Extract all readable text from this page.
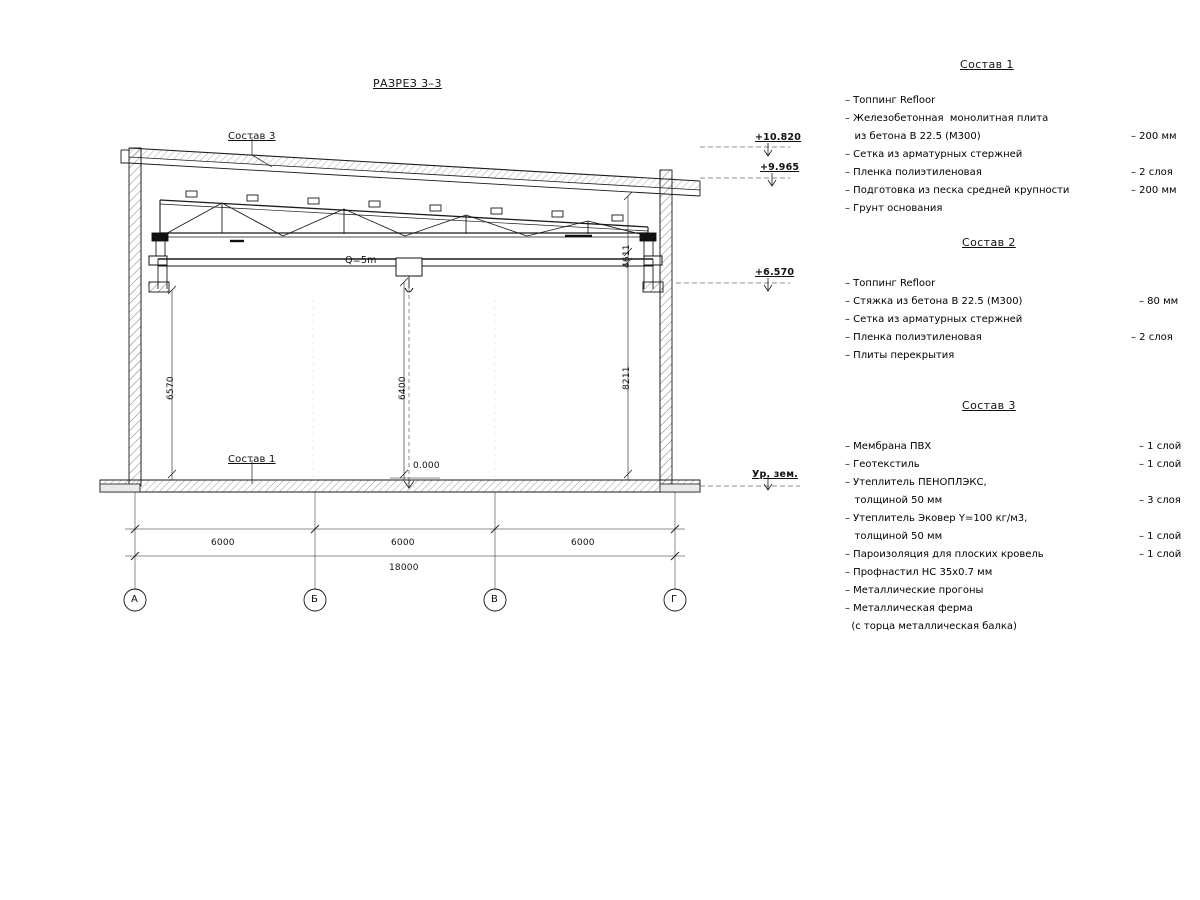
РАЗРЕЗ 3–3
Состав 3
Состав 1
Q=5m
+10.820
+9.965
+6.570
Ур. зем.
0.000
6570	6400	8211
4611
6000	6000	6000
18000
А	Б	В	Г
Состав 1
– Топпинг Refloor
– Железобетонная  монолитная плита
из бетона В 22.5 (М300)	– 200 мм
– Сетка из арматурных стержней
– Пленка полиэтиленовая	– 2 слоя
– Подготовка из песка средней крупности	– 200 мм
– Грунт основания
Состав 2
– Топпинг Refloor
– Стяжка из бетона В 22.5 (М300)	– 80 мм
– Сетка из арматурных стержней
– Пленка полиэтиленовая	– 2 слоя
– Плиты перекрытия
Состав 3
– Мембрана ПВХ	– 1 слой
– Геотекстиль	– 1 слой
– Утеплитель ПЕНОПЛЭКС,
толщиной 50 мм	– 3 слоя
– Утеплитель Эковер Y=100 кг/м3,
толщиной 50 мм	– 1 слой
– Пароизоляция для плоских кровель	– 1 слой
– Профнастил НС 35х0.7 мм
– Металлические прогоны
– Металлическая ферма
(с торца металлическая балка)
